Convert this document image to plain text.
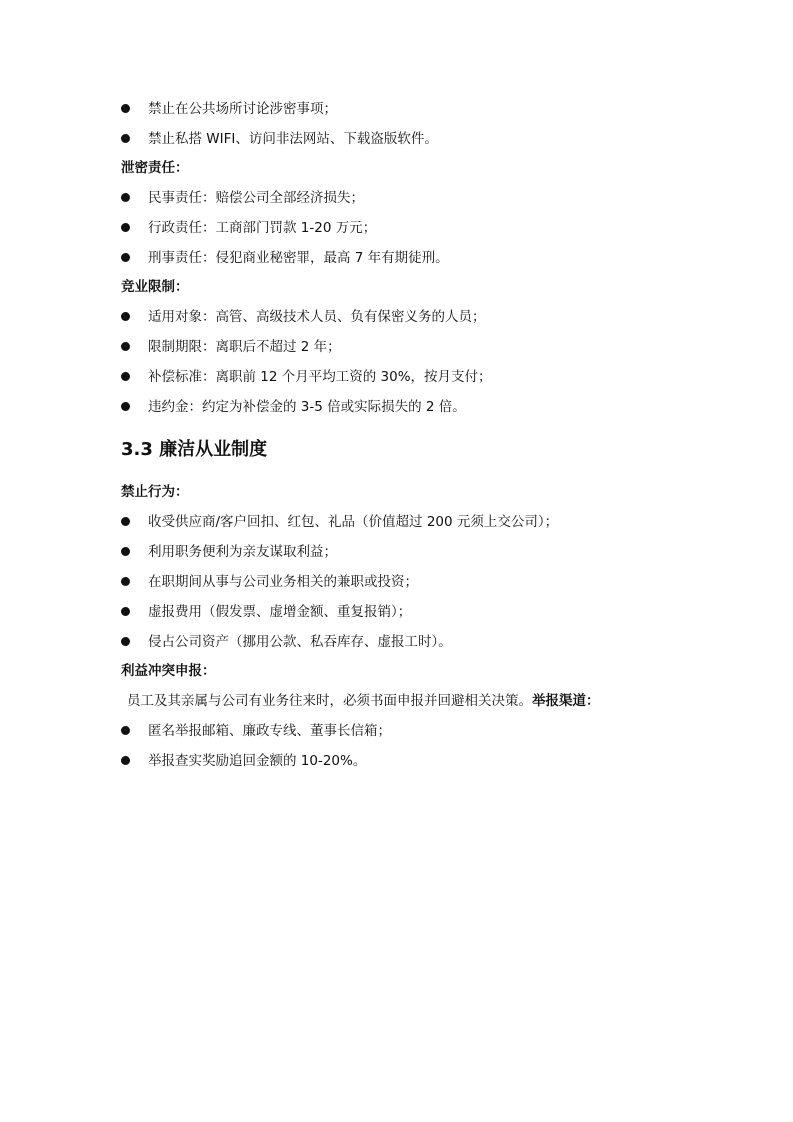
禁止在公共场所讨论涉密事项；
禁止私搭 WIFI、访问非法网站、下载盗版软件。
泄密责任：
民事责任：赔偿公司全部经济损失；
行政责任：工商部门罚款 1-20 万元；
刑事责任：侵犯商业秘密罪，最高 7 年有期徒刑。
竞业限制：
适用对象：高管、高级技术人员、负有保密义务的人员；
限制期限：离职后不超过 2 年；
补偿标准：离职前 12 个月平均工资的 30%，按月支付；
违约金：约定为补偿金的 3-5 倍或实际损失的 2 倍。
3.3 廉洁从业制度
禁止行为：
收受供应商/客户回扣、红包、礼品（价值超过 200 元须上交公司）；
利用职务便利为亲友谋取利益；
在职期间从事与公司业务相关的兼职或投资；
虚报费用（假发票、虚增金额、重复报销）；
侵占公司资产（挪用公款、私吞库存、虚报工时）。
利益冲突申报：
员工及其亲属与公司有业务往来时，必须书面申报并回避相关决策。举报渠道：
匿名举报邮箱、廉政专线、董事长信箱；
举报查实奖励追回金额的 10-20%。
